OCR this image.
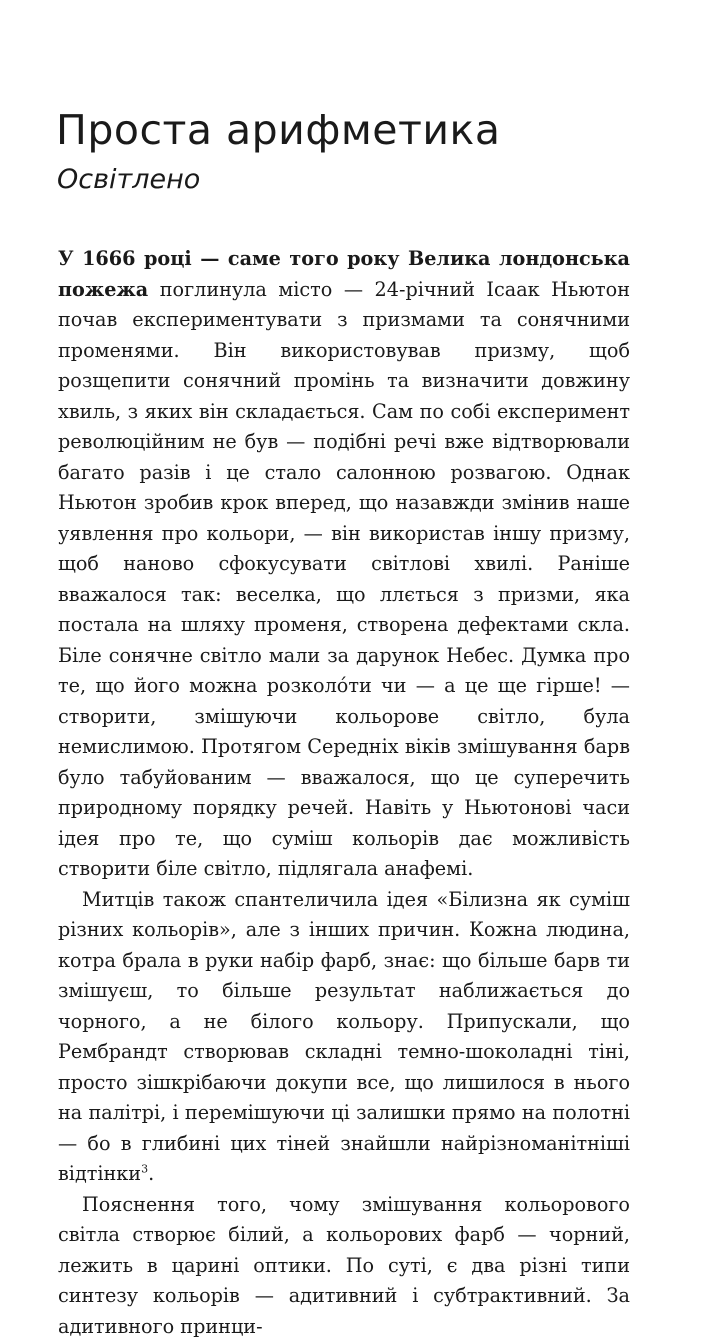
Проста арифметика
Освітлено

У 1666 році — саме того року Велика лондонська пожежа поглинула місто — 24-річний Ісаак Ньютон почав експериментувати з призмами та сонячними променями. Він використовував призму, щоб розщепити сонячний промінь та визначити довжину хвиль, з яких він складається. Сам по собі експеримент революційним не був — подібні речі вже відтворювали багато разів і це стало салонною розвагою. Однак Ньютон зробив крок вперед, що назавжди змінив наше уявлення про кольори, — він використав іншу призму, щоб наново сфокусувати світлові хвилі. Раніше вважалося так: веселка, що ллється з призми, яка постала на шляху променя, створена дефектами скла. Біле сонячне світло мали за дарунок Небес. Думка про те, що його можна розколо́ти чи — а це ще гірше! — створити, змішуючи кольорове світло, була немислимою. Протягом Середніх віків змішування барв було табуйованим — вважалося, що це суперечить природному порядку речей. Навіть у Ньютонові часи ідея про те, що суміш кольорів дає можливість створити біле світло, підлягала анафемі.

Митців також спантеличила ідея «Білизна як суміш різних кольорів», але з інших причин. Кожна людина, котра брала в руки набір фарб, знає: що більше барв ти змішуєш, то більше результат наближається до чорного, а не білого кольору. Припускали, що Рембрандт створював складні темно-шоколадні тіні, просто зішкрібаючи докупи все, що лишилося в нього на палітрі, і перемішуючи ці залишки прямо на полотні — бо в глибині цих тіней знайшли найрізноманітніші відтінки$^3$.

Пояснення того, чому змішування кольорового світла створює білий, а кольорових фарб — чорний, лежить в царині оптики. По суті, є два різні типи синтезу кольорів — адитивний і субтрактивний. За адитивного принци-
